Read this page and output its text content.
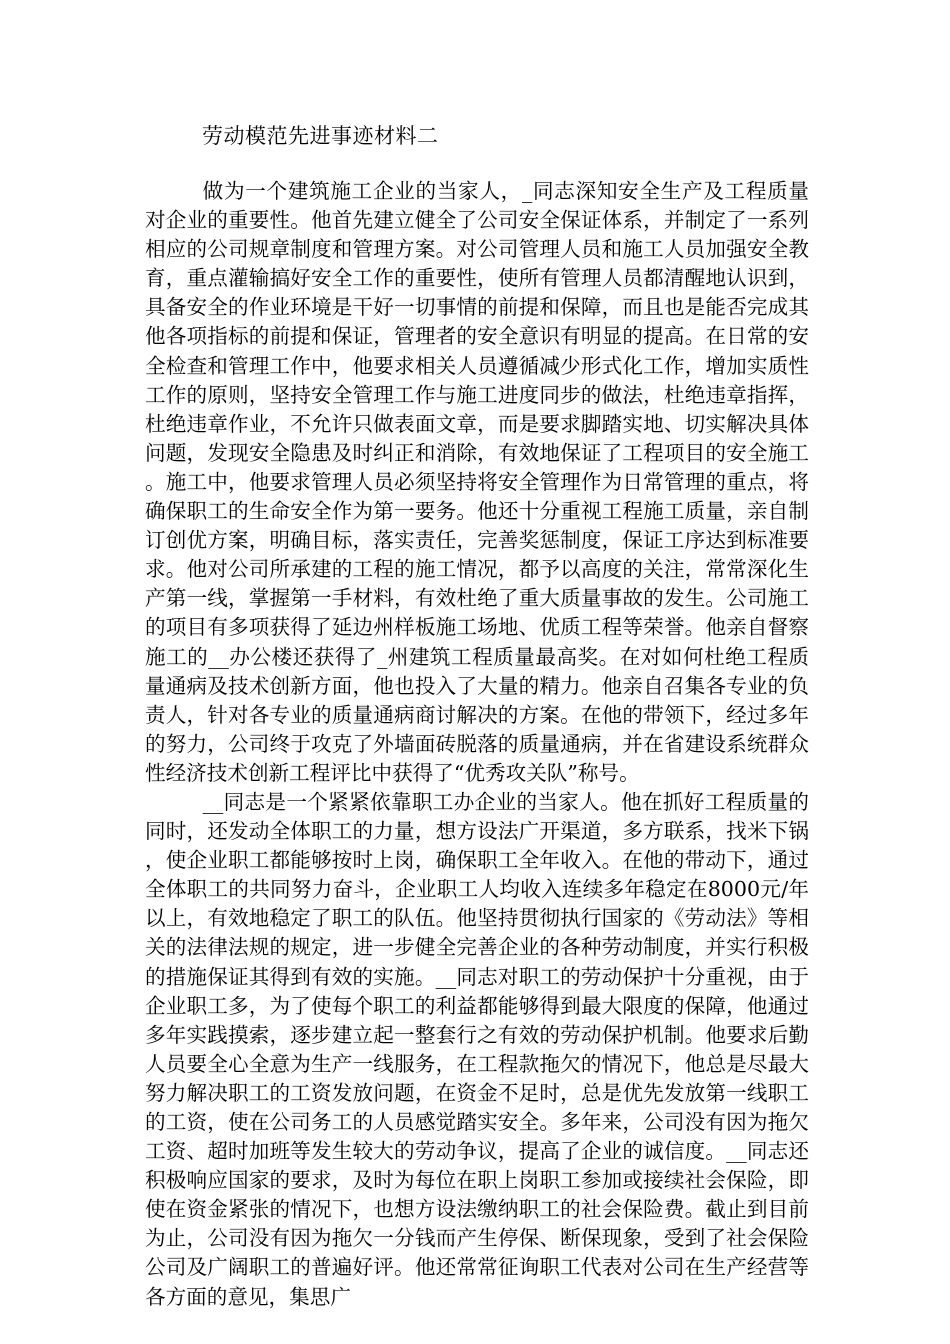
劳动模范先进事迹材料二

做为一个建筑施工企业的当家人，_同志深知安全生产及工程质量对企业的重要性。他首先建立健全了公司安全保证体系，并制定了一系列相应的公司规章制度和管理方案。对公司管理人员和施工人员加强安全教育，重点灌输搞好安全工作的重要性，使所有管理人员都清醒地认识到，具备安全的作业环境是干好一切事情的前提和保障，而且也是能否完成其他各项指标的前提和保证，管理者的安全意识有明显的提高。在日常的安全检查和管理工作中，他要求相关人员遵循减少形式化工作，增加实质性工作的原则，坚持安全管理工作与施工进度同步的做法，杜绝违章指挥，杜绝违章作业，不允许只做表面文章，而是要求脚踏实地、切实解决具体问题，发现安全隐患及时纠正和消除，有效地保证了工程项目的安全施工。施工中，他要求管理人员必须坚持将安全管理作为日常管理的重点，将确保职工的生命安全作为第一要务。他还十分重视工程施工质量，亲自制订创优方案，明确目标，落实责任，完善奖惩制度，保证工序达到标准要求。他对公司所承建的工程的施工情况，都予以高度的关注，常常深化生产第一线，掌握第一手材料，有效杜绝了重大质量事故的发生。公司施工的项目有多项获得了延边州样板施工场地、优质工程等荣誉。他亲自督察施工的__办公楼还获得了_州建筑工程质量最高奖。在对如何杜绝工程质量通病及技术创新方面，他也投入了大量的精力。他亲自召集各专业的负责人，针对各专业的质量通病商讨解决的方案。在他的带领下，经过多年的努力，公司终于攻克了外墙面砖脱落的质量通病，并在省建设系统群众性经济技术创新工程评比中获得了“优秀攻关队”称号。

__同志是一个紧紧依靠职工办企业的当家人。他在抓好工程质量的同时，还发动全体职工的力量，想方设法广开渠道，多方联系，找米下锅，使企业职工都能够按时上岗，确保职工全年收入。在他的带动下，通过全体职工的共同努力奋斗，企业职工人均收入连续多年稳定在8000元/年以上，有效地稳定了职工的队伍。他坚持贯彻执行国家的《劳动法》等相关的法律法规的规定，进一步健全完善企业的各种劳动制度，并实行积极的措施保证其得到有效的实施。__同志对职工的劳动保护十分重视，由于企业职工多，为了使每个职工的利益都能够得到最大限度的保障，他通过多年实践摸索，逐步建立起一整套行之有效的劳动保护机制。他要求后勤人员要全心全意为生产一线服务，在工程款拖欠的情况下，他总是尽最大努力解决职工的工资发放问题，在资金不足时，总是优先发放第一线职工的工资，使在公司务工的人员感觉踏实安全。多年来，公司没有因为拖欠工资、超时加班等发生较大的劳动争议，提高了企业的诚信度。__同志还积极响应国家的要求，及时为每位在职上岗职工参加或接续社会保险，即使在资金紧张的情况下，也想方设法缴纳职工的社会保险费。截止到目前为止，公司没有因为拖欠一分钱而产生停保、断保现象，受到了社会保险公司及广阔职工的普遍好评。他还常常征询职工代表对公司在生产经营等各方面的意见，集思广
